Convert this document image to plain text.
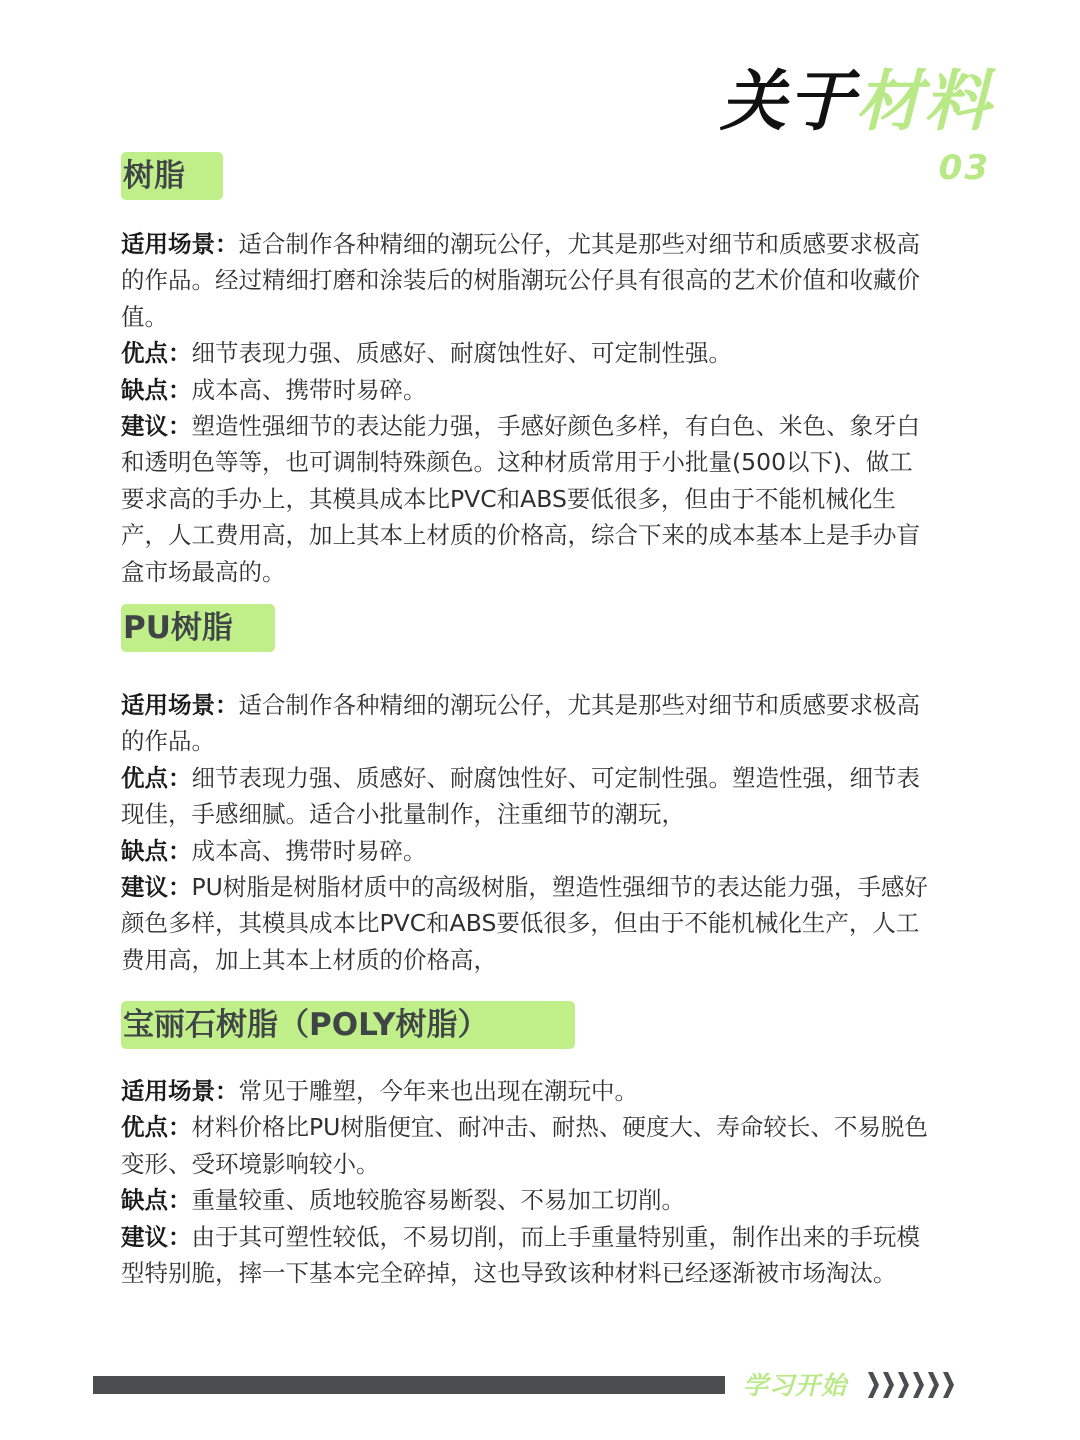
关于 材料
03
树脂

适用场景：适合制作各种精细的潮玩公仔，尤其是那些对细节和质感要求极高的作品。经过精细打磨和涂装后的树脂潮玩公仔具有很高的艺术价值和收藏价值。

优点：细节表现力强、质感好、耐腐蚀性好、可定制性强。

缺点：成本高、携带时易碎。

建议：塑造性强细节的表达能力强，手感好颜色多样，有白色、米色、象牙白和透明色等等，也可调制特殊颜色。这种材质常用于小批量(500以下)、做工要求高的手办上，其模具成本比PVC和ABS要低很多，但由于不能机械化生产，人工费用高，加上其本上材质的价格高，综合下来的成本基本上是手办盲盒市场最高的。

PU树脂

适用场景：适合制作各种精细的潮玩公仔，尤其是那些对细节和质感要求极高的作品。

优点：细节表现力强、质感好、耐腐蚀性好、可定制性强。塑造性强，细节表现佳，手感细腻。适合小批量制作，注重细节的潮玩，

缺点：成本高、携带时易碎。

建议：PU树脂是树脂材质中的高级树脂，塑造性强细节的表达能力强，手感好颜色多样，其模具成本比PVC和ABS要低很多，但由于不能机械化生产，人工费用高，加上其本上材质的价格高，

宝丽石树脂（POLY树脂）

适用场景：常见于雕塑，今年来也出现在潮玩中。

优点：材料价格比PU树脂便宜、耐冲击、耐热、硬度大、寿命较长、不易脱色变形、受环境影响较小。

缺点：重量较重、质地较脆容易断裂、不易加工切削。

建议：由于其可塑性较低，不易切削，而上手重量特别重，制作出来的手玩模型特别脆，摔一下基本完全碎掉，这也导致该种材料已经逐渐被市场淘汰。

学习开始
